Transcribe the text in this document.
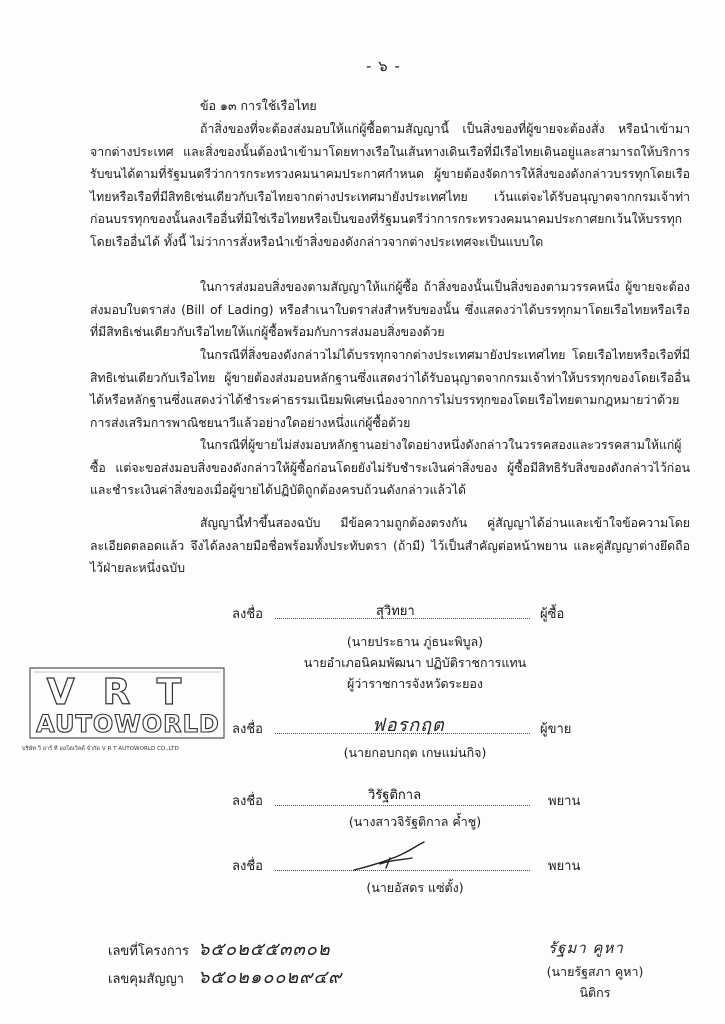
- ๖ -
ข้อ ๑๓ การใช้เรือไทย

ถ้าสิ่งของที่จะต้องส่งมอบให้แก่ผู้ซื้อตามสัญญานี้ เป็นสิ่งของที่ผู้ขายจะต้องสั่ง หรือนำเข้ามาจากต่างประเทศ และสิ่งของนั้นต้องนำเข้ามาโดยทางเรือในเส้นทางเดินเรือที่มีเรือไทยเดินอยู่และสามารถให้บริการรับขนได้ตามที่รัฐมนตรีว่าการกระทรวงคมนาคมประกาศกำหนด ผู้ขายต้องจัดการให้สิ่งของดังกล่าวบรรทุกโดยเรือไทยหรือเรือที่มีสิทธิเช่นเดียวกับเรือไทยจากต่างประเทศมายังประเทศไทย เว้นแต่จะได้รับอนุญาตจากกรมเจ้าท่าก่อนบรรทุกของนั้นลงเรืออื่นที่มิใช่เรือไทยหรือเป็นของที่รัฐมนตรีว่าการกระทรวงคมนาคมประกาศยกเว้นให้บรรทุกโดยเรืออื่นได้ ทั้งนี้ ไม่ว่าการสั่งหรือนำเข้าสิ่งของดังกล่าวจากต่างประเทศจะเป็นแบบใด

ในการส่งมอบสิ่งของตามสัญญาให้แก่ผู้ซื้อ ถ้าสิ่งของนั้นเป็นสิ่งของตามวรรคหนึ่ง ผู้ขายจะต้องส่งมอบใบตราส่ง (Bill of Lading) หรือสำเนาใบตราส่งสำหรับของนั้น ซึ่งแสดงว่าได้บรรทุกมาโดยเรือไทยหรือเรือที่มีสิทธิเช่นเดียวกับเรือไทยให้แก่ผู้ซื้อพร้อมกับการส่งมอบสิ่งของด้วย

ในกรณีที่สิ่งของดังกล่าวไม่ได้บรรทุกจากต่างประเทศมายังประเทศไทย โดยเรือไทยหรือเรือที่มีสิทธิเช่นเดียวกับเรือไทย ผู้ขายต้องส่งมอบหลักฐานซึ่งแสดงว่าได้รับอนุญาตจากกรมเจ้าท่าให้บรรทุกของโดยเรืออื่นได้หรือหลักฐานซึ่งแสดงว่าได้ชำระค่าธรรมเนียมพิเศษเนื่องจากการไม่บรรทุกของโดยเรือไทยตามกฎหมายว่าด้วยการส่งเสริมการพาณิชยนาวีแล้วอย่างใดอย่างหนึ่งแก่ผู้ซื้อด้วย

ในกรณีที่ผู้ขายไม่ส่งมอบหลักฐานอย่างใดอย่างหนึ่งดังกล่าวในวรรคสองและวรรคสามให้แก่ผู้ซื้อ แต่จะขอส่งมอบสิ่งของดังกล่าวให้ผู้ซื้อก่อนโดยยังไม่รับชำระเงินค่าสิ่งของ ผู้ซื้อมีสิทธิรับสิ่งของดังกล่าวไว้ก่อนและชำระเงินค่าสิ่งของเมื่อผู้ขายได้ปฏิบัติถูกต้องครบถ้วนดังกล่าวแล้วได้

สัญญานี้ทำขึ้นสองฉบับ มีข้อความถูกต้องตรงกัน คู่สัญญาได้อ่านและเข้าใจข้อความโดยละเอียดตลอดแล้ว จึงได้ลงลายมือชื่อพร้อมทั้งประทับตรา (ถ้ามี) ไว้เป็นสำคัญต่อหน้าพยาน และคู่สัญญาต่างยึดถือไว้ฝ่ายละหนึ่งฉบับ

ลงชื่อ	สุวิทยา	ผู้ซื้อ
(นายประธาน ภู่ธนะพิบูล)
นายอำเภอนิคมพัฒนา ปฏิบัติราชการแทน
ผู้ว่าราชการจังหวัดระยอง
VRT
AUTOWORLD
บริษัท วี อาร์ ที ออโตเวิลด์ จำกัด V R T AUTOWORLD CO.,LTD
ลงชื่อ	ฟอรกฤต	ผู้ขาย
(นายกอบกฤต เกษแม่นกิจ)
ลงชื่อ	วิรัฐติกาล	พยาน
(นางสาวจิรัฐติกาล ค้ำชู)
ลงชื่อ	พยาน
(นายอัสดร แซ่ตั้ง)
เลขที่โครงการ ๖๕๐๒๕๕๓๓๐๒
เลขคุมสัญญา ๖๕๐๒๑๐๐๒๙๔๙
รัฐมา คูหา
(นายรัฐสภา คูหา)
นิติกร
